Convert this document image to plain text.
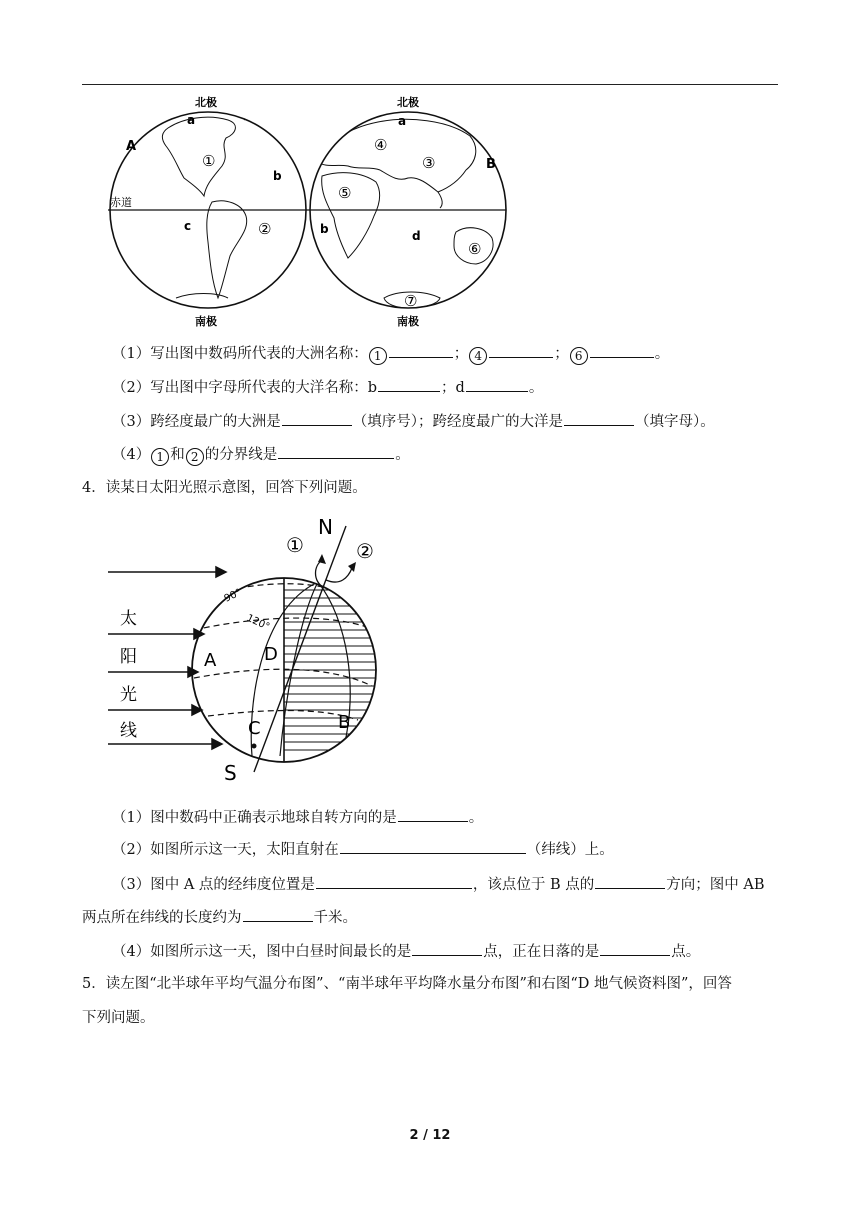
北极	北极
南极	南极
赤道
A
B
a	a
b
b
c
d
①
②
③
④
⑤
⑥
⑦
（1）写出图中数码所代表的大洲名称： 1	； 4	； 6	。
（2）写出图中字母所代表的大洋名称：b	；d	。
（3）跨经度最广的大洲是	（填序号）；跨经度最广的大洋是	（填字母）。
（4） 1 和 2 的分界线是	。
4．读某日太阳光照示意图，回答下列问题。
N
S
①	②
太
阳
光
线
90°
120°
A	D
C	B
（1）图中数码中正确表示地球自转方向的是	。
（2）如图所示这一天，太阳直射在	（纬线）上。
（3）图中 A 点的经纬度位置是	，该点位于 B 点的	方向；图中 AB
两点所在纬线的长度约为	千米。
（4）如图所示这一天，图中白昼时间最长的是	点，正在日落的是	点。
5．读左图“北半球年平均气温分布图”、“南半球年平均降水量分布图”和右图“D 地气候资料图”，回答
下列问题。
2 / 12
